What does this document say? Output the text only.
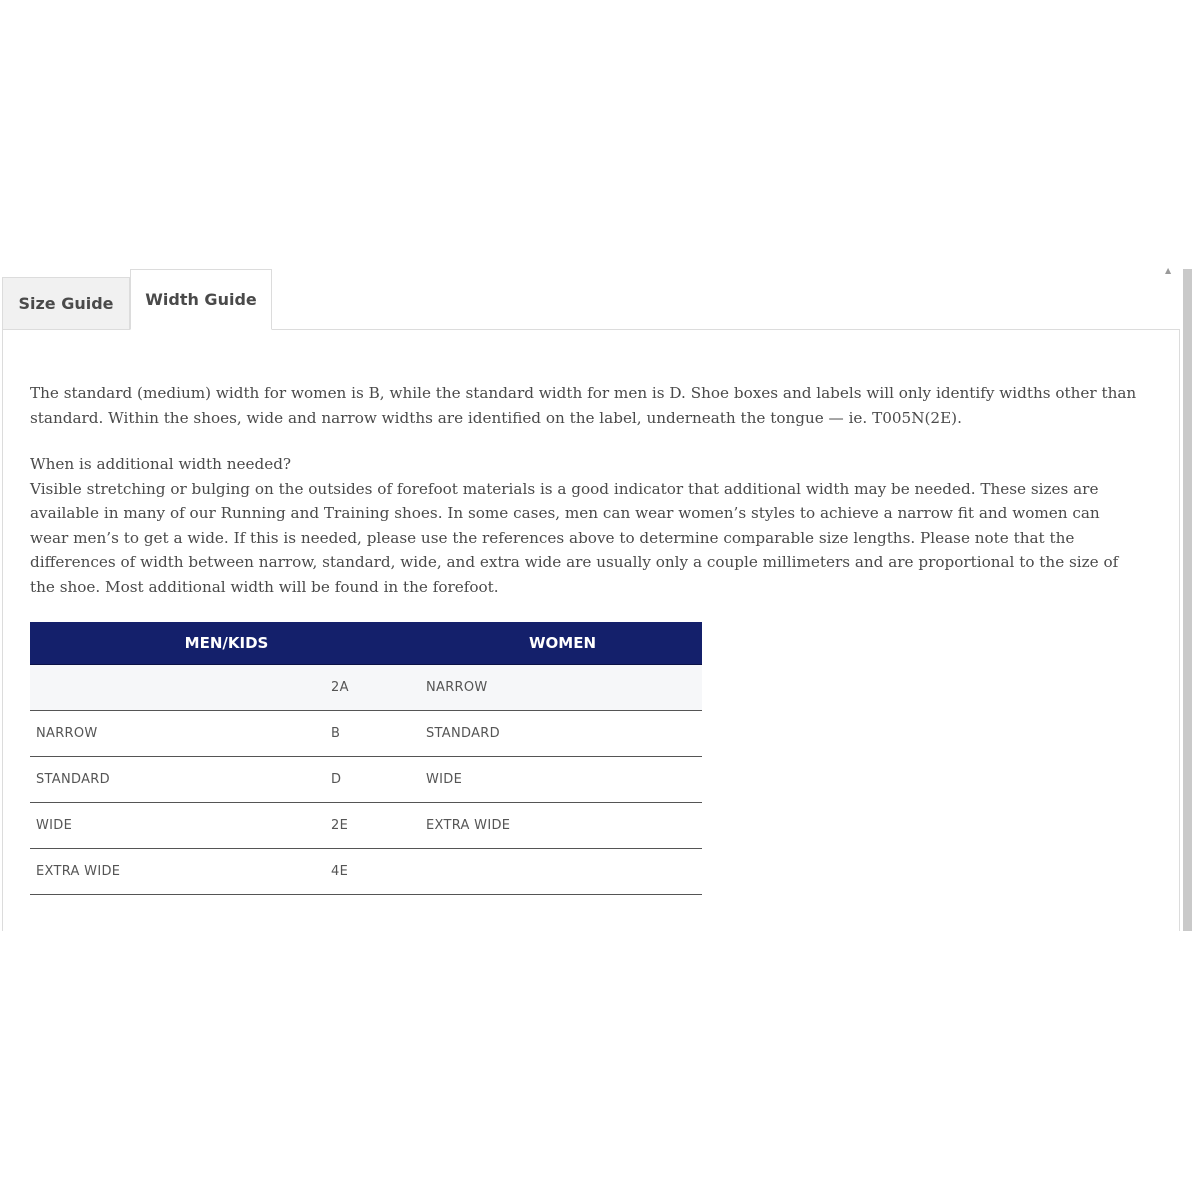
Size Guide	Width Guide
▲

The standard (medium) width for women is B, while the standard width for men is D. Shoe boxes and labels will only identify widths other than standard. Within the shoes, wide and narrow widths are identified on the label, underneath the tongue — ie. T005N(2E).

When is additional width needed?
Visible stretching or bulging on the outsides of forefoot materials is a good indicator that additional width may be needed. These sizes are available in many of our Running and Training shoes. In some cases, men can wear women’s styles to achieve a narrow fit and women can wear men’s to get a wide. If this is needed, please use the references above to determine comparable size lengths. Please note that the differences of width between narrow, standard, wide, and extra wide are usually only a couple millimeters and are proportional to the size of the shoe. Most additional width will be found in the forefoot.

MEN/KIDS		WOMEN
	2A	NARROW
NARROW	B	STANDARD
STANDARD	D	WIDE
WIDE	2E	EXTRA WIDE
EXTRA WIDE	4E	
